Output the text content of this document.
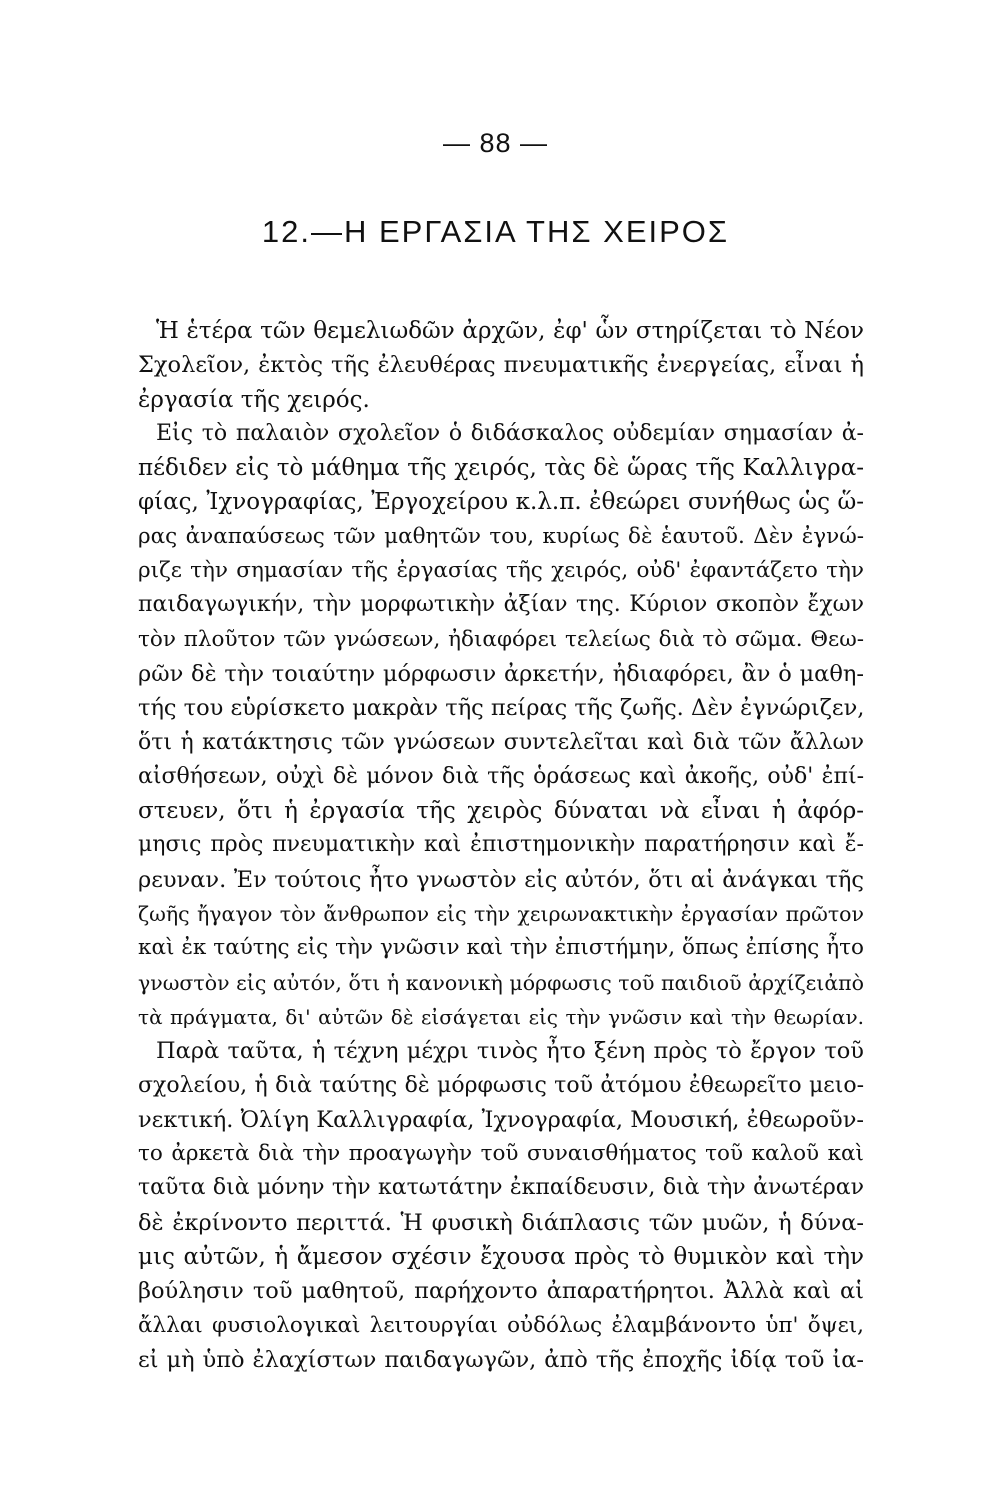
— 88 —
12.—Η ΕΡΓΑΣΙΑ ΤΗΣ ΧΕΙΡΟΣ
Ἡ ἑτέρα τῶν θεμελιωδῶν ἀρχῶν, ἐφ' ὧν στηρίζεται τὸ Νέον
Σχολεῖον, ἐκτὸς τῆς ἐλευθέρας πνευματικῆς ἐνεργείας, εἶναι ἡ
ἐργασία τῆς χειρός.
Εἰς τὸ παλαιὸν σχολεῖον ὁ διδάσκαλος οὐδεμίαν σημασίαν ἀ-
πέδιδεν εἰς τὸ μάθημα τῆς χειρός, τὰς δὲ ὥρας τῆς Καλλιγρα-
φίας, Ἰχνογραφίας, Ἐργοχείρου κ.λ.π. ἐθεώρει συνήθως ὡς ὥ-
ρας ἀναπαύσεως τῶν μαθητῶν του, κυρίως δὲ ἑαυτοῦ. Δὲν ἐγνώ-
ριζε τὴν σημασίαν τῆς ἐργασίας τῆς χειρός, οὐδ' ἐφαντάζετο τὴν
παιδαγωγικήν, τὴν μορφωτικὴν ἀξίαν της. Κύριον σκοπὸν ἔχων
τὸν πλοῦτον τῶν γνώσεων, ἠδιαφόρει τελείως διὰ τὸ σῶμα. Θεω-
ρῶν δὲ τὴν τοιαύτην μόρφωσιν ἀρκετήν, ἠδιαφόρει, ἂν ὁ μαθη-
τής του εὑρίσκετο μακρὰν τῆς πείρας τῆς ζωῆς. Δὲν ἐγνώριζεν,
ὅτι ἡ κατάκτησις τῶν γνώσεων συντελεῖται καὶ διὰ τῶν ἄλλων
αἰσθήσεων, οὐχὶ δὲ μόνον διὰ τῆς ὁράσεως καὶ ἀκοῆς, οὐδ' ἐπί-
στευεν, ὅτι ἡ ἐργασία τῆς χειρὸς δύναται νὰ εἶναι ἡ ἀφόρ-
μησις πρὸς πνευματικὴν καὶ ἐπιστημονικὴν παρατήρησιν καὶ ἔ-
ρευναν. Ἐν τούτοις ἦτο γνωστὸν εἰς αὐτόν, ὅτι αἱ ἀνάγκαι τῆς
ζωῆς ἤγαγον τὸν ἄνθρωπον εἰς τὴν χειρωνακτικὴν ἐργασίαν πρῶτον
καὶ ἐκ ταύτης εἰς τὴν γνῶσιν καὶ τὴν ἐπιστήμην, ὅπως ἐπίσης ἦτο
γνωστὸν εἰς αὐτόν, ὅτι ἡ κανονικὴ μόρφωσις τοῦ παιδιοῦ ἀρχίζειἀπὸ
τὰ πράγματα, δι' αὐτῶν δὲ εἰσάγεται εἰς τὴν γνῶσιν καὶ τὴν θεωρίαν.
Παρὰ ταῦτα, ἡ τέχνη μέχρι τινὸς ἦτο ξένη πρὸς τὸ ἔργον τοῦ
σχολείου, ἡ διὰ ταύτης δὲ μόρφωσις τοῦ ἀτόμου ἐθεωρεῖτο μειο-
νεκτική. Ὀλίγη Καλλιγραφία, Ἰχνογραφία, Μουσική, ἐθεωροῦν-
το ἀρκετὰ διὰ τὴν προαγωγὴν τοῦ συναισθήματος τοῦ καλοῦ καὶ
ταῦτα διὰ μόνην τὴν κατωτάτην ἐκπαίδευσιν, διὰ τὴν ἀνωτέραν
δὲ ἐκρίνοντο περιττά. Ἡ φυσικὴ διάπλασις τῶν μυῶν, ἡ δύνα-
μις αὐτῶν, ἡ ἄμεσον σχέσιν ἔχουσα πρὸς τὸ θυμικὸν καὶ τὴν
βούλησιν τοῦ μαθητοῦ, παρήχοντο ἀπαρατήρητοι. Ἀλλὰ καὶ αἱ
ἄλλαι φυσιολογικαὶ λειτουργίαι οὐδόλως ἐλαμβάνοντο ὑπ' ὄψει,
εἰ μὴ ὑπὸ ἐλαχίστων παιδαγωγῶν, ἀπὸ τῆς ἐποχῆς ἰδίᾳ τοῦ ἰα-
